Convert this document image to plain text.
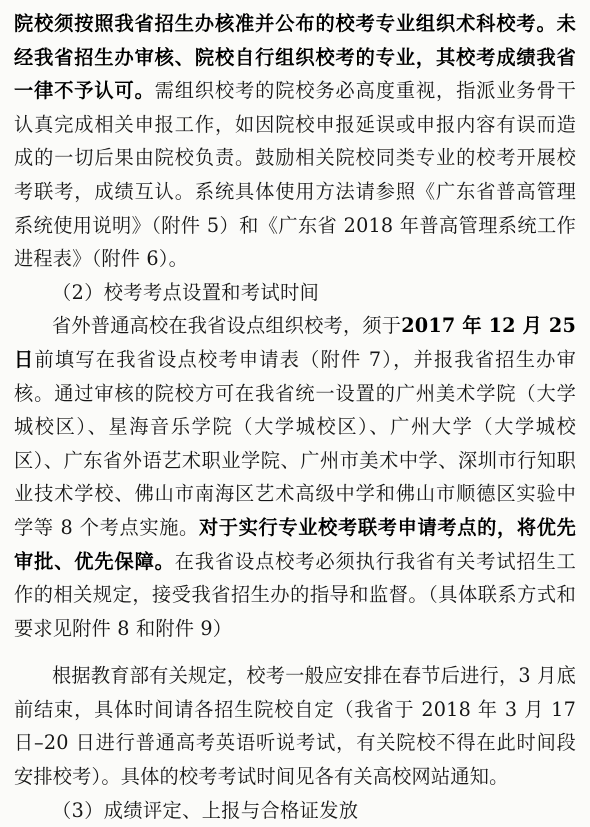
院校须按照我省招生办核准并公布的校考专业组织术科校考。未经我省招生办审核、院校自行组织校考的专业，其校考成绩我省一律不予认可。需组织校考的院校务必高度重视，指派业务骨干认真完成相关申报工作，如因院校申报延误或申报内容有误而造成的一切后果由院校负责。鼓励相关院校同类专业的校考开展校考联考，成绩互认。系统具体使用方法请参照《广东省普高管理系统使用说明》（附件 5）和《广东省 2018 年普高管理系统工作进程表》（附件 6）。

（2）校考考点设置和考试时间

省外普通高校在我省设点组织校考，须于2017 年 12 月 25 日前填写在我省设点校考申请表（附件 7），并报我省招生办审核。通过审核的院校方可在我省统一设置的广州美术学院（大学城校区）、星海音乐学院（大学城校区）、广州大学（大学城校区）、广东省外语艺术职业学院、广州市美术中学、深圳市行知职业技术学校、佛山市南海区艺术高级中学和佛山市顺德区实验中学等 8 个考点实施。对于实行专业校考联考申请考点的，将优先审批、优先保障。在我省设点校考必须执行我省有关考试招生工作的相关规定，接受我省招生办的指导和监督。（具体联系方式和要求见附件 8 和附件 9）

根据教育部有关规定，校考一般应安排在春节后进行，3 月底前结束，具体时间请各招生院校自定（我省于 2018 年 3 月 17 日–20 日进行普通高考英语听说考试，有关院校不得在此时间段安排校考）。具体的校考考试时间见各有关高校网站通知。

（3）成绩评定、上报与合格证发放
